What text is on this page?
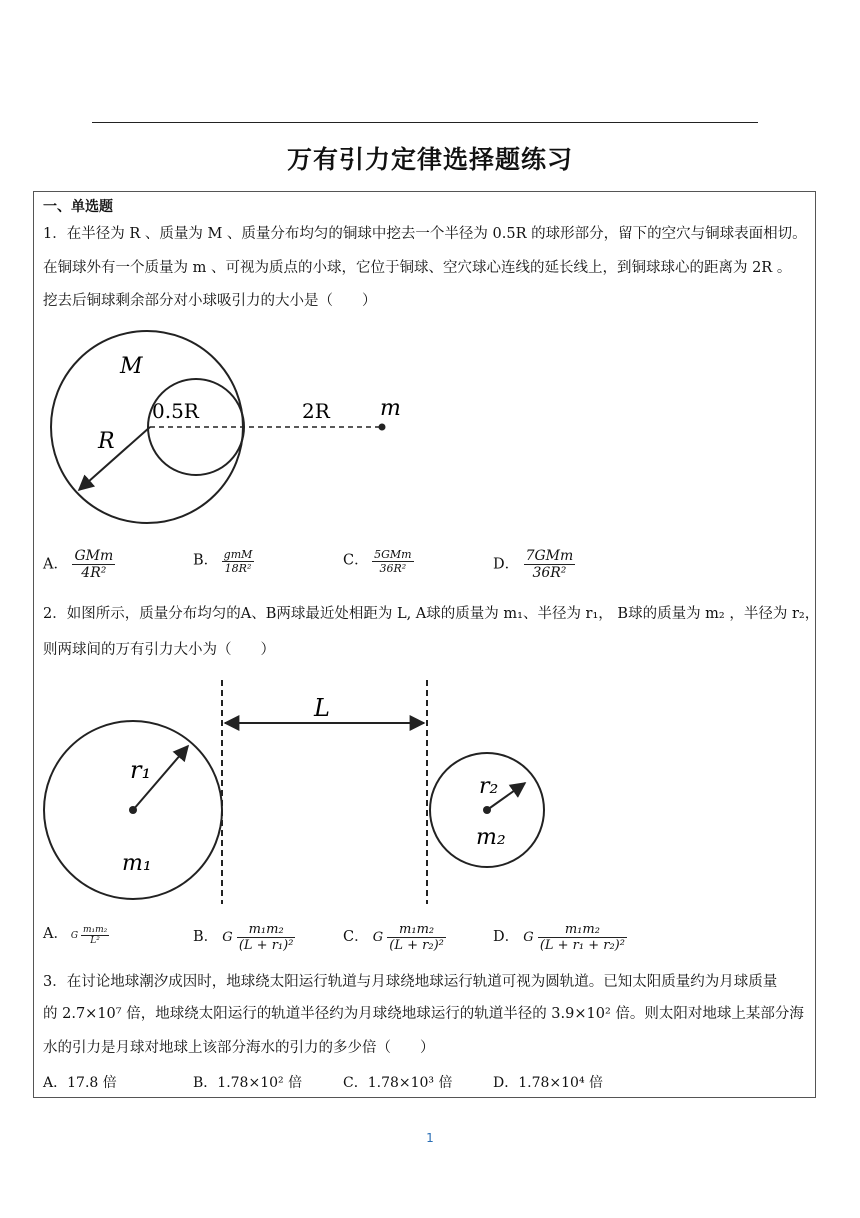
万有引力定律选择题练习
一、单选题
1．在半径为 R 、质量为 M 、质量分布均匀的铜球中挖去一个半径为 0.5R 的球形部分，留下的空穴与铜球表面相切。
在铜球外有一个质量为 m 、可视为质点的小球，它位于铜球、空穴球心连线的延长线上，到铜球球心的距离为 2R 。
挖去后铜球剩余部分对小球吸引力的大小是（　　）
M
0.5R	2R
R
m
A． $\frac{\text{GMm}}{\text{4R²}}$	B． $\frac{\text{gmM}}{\text{18R²}}$	C． $\frac{\text{5GMm}}{\text{36R²}}$	D． $\frac{\text{7GMm}}{\text{36R²}}$
2．如图所示，质量分布均匀的A、B两球最近处相距为 L, A球的质量为 m₁、半径为 r₁， B球的质量为 m₂ ，半径为 r₂，
则两球间的万有引力大小为（　　）
L
r₁
m₁
r₂
m₂
A． G $\frac{\text{m₁m₂}}{\text{L²}}$	B． G $\frac{\text{m₁m₂}}{\text{(L + r₁)²}}$	C． G $\frac{\text{m₁m₂}}{\text{(L + r₂)²}}$	D． G $\frac{\text{m₁m₂}}{\text{(L + r₁ + r₂)²}}$
3．在讨论地球潮汐成因时，地球绕太阳运行轨道与月球绕地球运行轨道可视为圆轨道。已知太阳质量约为月球质量
的 2.7×10⁷ 倍，地球绕太阳运行的轨道半径约为月球绕地球运行的轨道半径的 3.9×10² 倍。则太阳对地球上某部分海
水的引力是月球对地球上该部分海水的引力的多少倍（　　）
A．17.8 倍	B．1.78×10² 倍	C．1.78×10³ 倍	D．1.78×10⁴ 倍
1
